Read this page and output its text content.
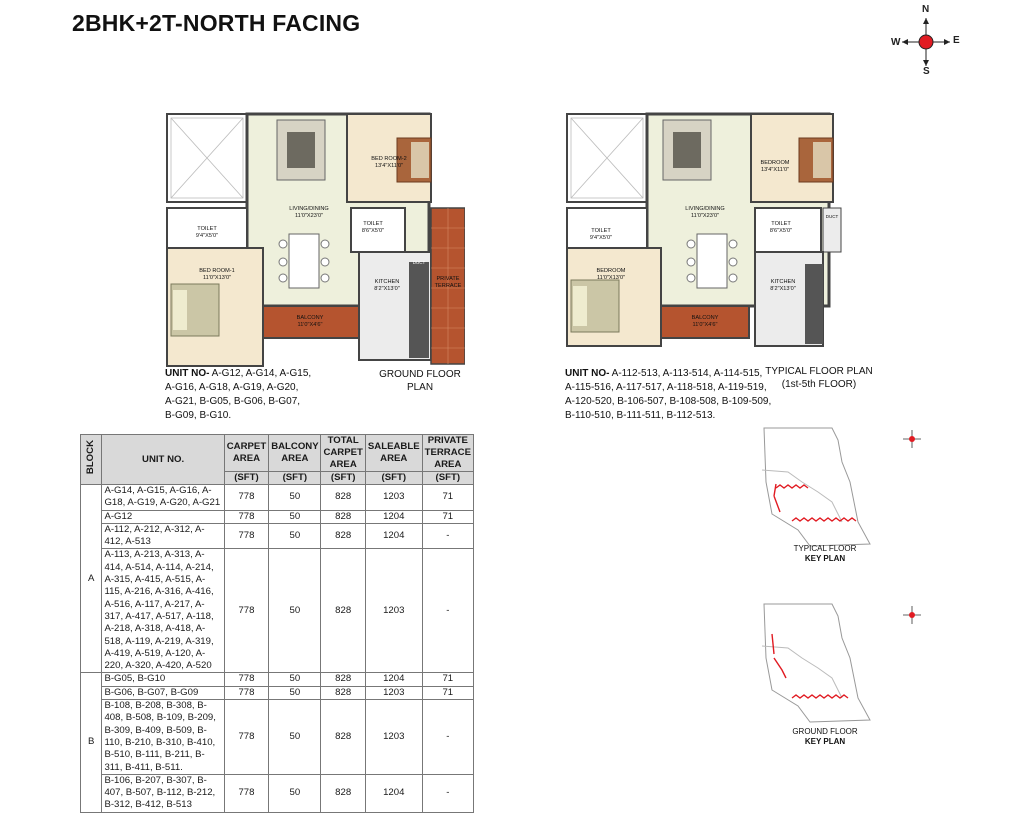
2BHK+2T-NORTH FACING
N
S
E
W
BED ROOM-2
13'4"X11'0"
LIVING/DINING
11'0"X23'0"
TOILET
9'4"X5'0"
TOILET
8'6"X5'0"
BED ROOM-1
11'0"X13'0"
KITCHEN
8'2"X13'0"
BALCONY
11'0"X4'6"
PRIVATE
TERRACE
DUCT
UNIT NO- A-G12, A-G14, A-G15,
A-G16, A-G18, A-G19, A-G20,
A-G21, B-G05, B-G06, B-G07,
B-G09, B-G10.
GROUND FLOOR PLAN
BEDROOM
13'4"X11'0"
LIVING/DINING
11'0"X23'0"
TOILET
9'4"X5'0"
TOILET
8'6"X5'0"
BEDROOM
11'0"X13'0"
KITCHEN
8'2"X13'0"
BALCONY
11'0"X4'6"
DUCT
UNIT NO- A-112-513, A-113-514, A-114-515,
A-115-516, A-117-517, A-118-518, A-119-519,
A-120-520, B-106-507, B-108-508, B-109-509,
B-110-510, B-111-511, B-112-513.
TYPICAL FLOOR PLAN
(1st-5th FLOOR)
BLOCK	UNIT NO.	CARPET AREA	BALCONY AREA	TOTAL CARPET AREA	SALEABLE AREA	PRIVATE TERRACE AREA
		(SFT)	(SFT)	(SFT)	(SFT)	(SFT)
A	A-G14, A-G15, A-G16, A-G18, A-G19, A-G20, A-G21	778	50	828	1203	71
	A-G12	778	50	828	1204	71
	A-112, A-212, A-312, A-412, A-513	778	50	828	1204	-
	A-113, A-213, A-313, A-414, A-514, A-114, A-214, A-315, A-415, A-515, A-115, A-216, A-316, A-416, A-516, A-117, A-217, A-317, A-417, A-517, A-118, A-218, A-318, A-418, A-518, A-119, A-219, A-319, A-419, A-519, A-120, A-220, A-320, A-420, A-520	778	50	828	1203	-
B	B-G05, B-G10	778	50	828	1204	71
	B-G06, B-G07, B-G09	778	50	828	1203	71
	B-108, B-208, B-308, B-408, B-508, B-109, B-209, B-309, B-409, B-509, B-110, B-210, B-310, B-410, B-510, B-111, B-211, B-311, B-411, B-511.	778	50	828	1203	-
	B-106, B-207, B-307, B-407, B-507, B-112, B-212, B-312, B-412, B-513	778	50	828	1204	-
TYPICAL FLOOR
KEY PLAN
GROUND FLOOR
KEY PLAN
